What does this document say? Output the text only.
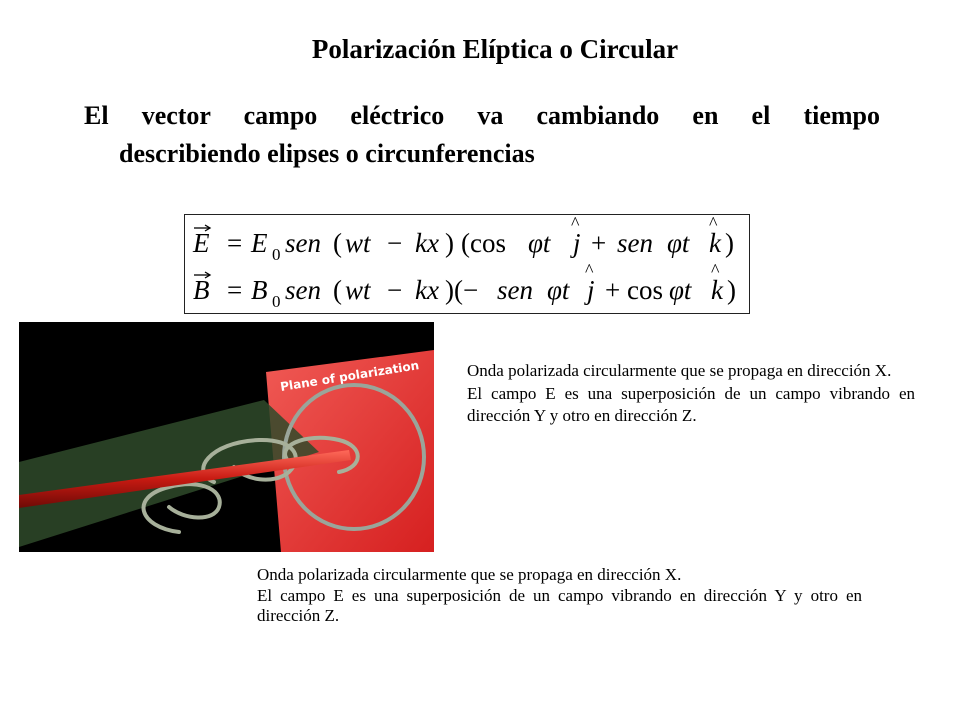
Polarización Elíptica o Circular
El vector campo eléctrico va cambiando en el tiempo
describiendo elipses o circunferencias
E = E 0 sen ( wt − kx ) (cos φt j
^
+ sen φt k
^
)
B = B 0 sen ( wt − kx )(− sen φt j
^
+ cos φt k
^
)
Plane of polarization	Onda polarizada circularmente que se propaga en dirección X.

El campo E es una superposición de un campo vibrando en dirección Y y otro en dirección Z.

Onda polarizada circularmente que se propaga en dirección X.

El campo E es una superposición de un campo vibrando en dirección Y y otro en dirección Z.
